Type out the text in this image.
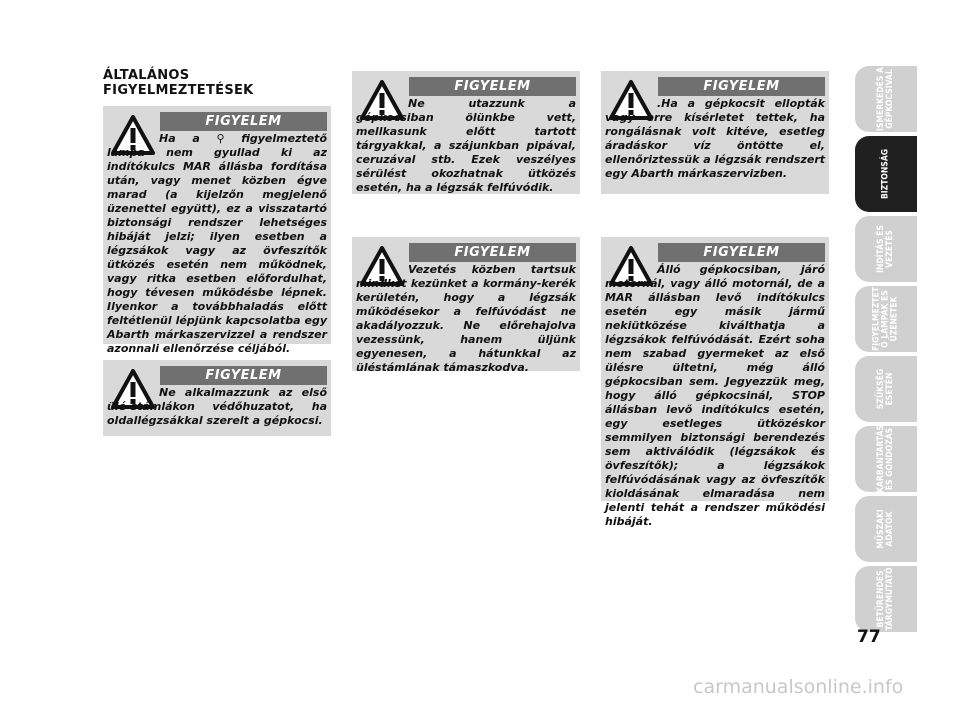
ÁLTALÁNOS
FIGYELMEZTETÉSEK
FIGYELEM
Ha a ⚲ figyelmeztető lámpa nem gyullad ki az indítókulcs MAR állásba fordítása után, vagy menet közben égve marad (a kijelzőn megjelenő üzenettel együtt), ez a visszatartó biztonsági rendszer lehetséges hibáját jelzi; ilyen esetben a légzsákok vagy az övfeszítők ütközés esetén nem működnek, vagy ritka esetben előfordulhat, hogy tévesen működésbe lépnek. Ilyenkor a továbbhaladás előtt feltétlenül lépjünk kapcsolatba egy Abarth márkaszervizzel a rendszer azonnali ellenőrzése céljából.
FIGYELEM
Ne alkalmazzunk az első ülé-stámlákon védőhuzatot, ha oldallégzsákkal szerelt a gépkocsi.
FIGYELEM
Ne utazzunk a gépkocsiban ölünkbe vett, mellkasunk előtt tartott tárgyakkal, a szájunkban pipával, ceruzával stb. Ezek veszélyes sérülést okozhatnak ütközés esetén, ha a légzsák felfúvódik.
FIGYELEM
Vezetés közben tartsuk mindkét kezünket a kormány-kerék kerületén, hogy a légzsák működésekor a felfúvódást ne akadályozzuk. Ne előrehajolva vezessünk, hanem üljünk egyenesen, a hátunkkal az üléstámlának támaszkodva.
FIGYELEM
.Ha a gépkocsit ellopták vagy erre kísérletet tettek, ha rongálásnak volt kitéve, esetleg áradáskor víz öntötte el, ellenőriztessük a légzsák rendszert egy Abarth márkaszervizben.
FIGYELEM
Álló gépkocsiban, járó motornál, vagy álló motornál, de a MAR állásban levő indítókulcs esetén egy másik jármű nekiütközése kiválthatja a légzsákok felfúvódását. Ezért soha nem szabad gyermeket az első ülésre ültetni, még álló gépkocsiban sem. Jegyezzük meg, hogy álló gépkocsinál, STOP állásban levő indítókulcs esetén, egy esetleges ütközéskor semmilyen biztonsági berendezés sem aktiválódik (légzsákok és övfeszítők); a légzsákok felfúvódásának vagy az övfeszítők kioldásának elmaradása nem jelenti tehát a rendszer működési hibáját.
ISMERKEDÉS A
GÉPKOCSIVAL
BIZTONSÁG
INDÍTÁS ÉS
VEZETÉS
FIGYELMEZTET
Ő LÁMPÁK ÉS
ÜZENETEK
SZÜKSÉG
ESETÉN
KARBANTARTÁS
ÉS GONDOZÁS
MŰSZAKI
ADATOK
BETŰRENDES
TÁRGYMUTATÓ
77
carmanualsonline.info
